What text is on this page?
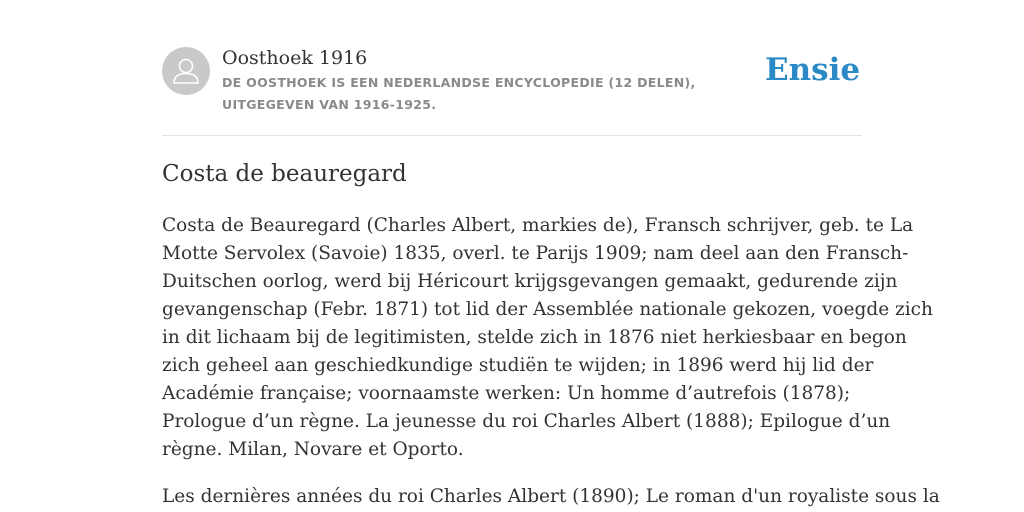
Oosthoek 1916
DE OOSTHOEK IS EEN NEDERLANDSE ENCYCLOPEDIE (12 DELEN), UITGEGEVEN VAN 1916-1925.
Ensie
Costa de beauregard
Costa de Beauregard (Charles Albert, markies de), Fransch schrijver, geb. te La
Motte Servolex (Savoie) 1835, overl. te Parijs 1909; nam deel aan den Fransch-
Duitschen oorlog, werd bij Héricourt krijgsgevangen gemaakt, gedurende zijn
gevangenschap (Febr. 1871) tot lid der Assemblée nationale gekozen, voegde zich
in dit lichaam bij de legitimisten, stelde zich in 1876 niet herkiesbaar en begon
zich geheel aan geschiedkundige studiën te wijden; in 1896 werd hij lid der
Académie française; voornaamste werken: Un homme d’autrefois (1878);
Prologue d’un règne. La jeunesse du roi Charles Albert (1888); Epilogue d’un
règne. Milan, Novare et Oporto.
Les dernières années du roi Charles Albert (1890); Le roman d'un royaliste sous la
